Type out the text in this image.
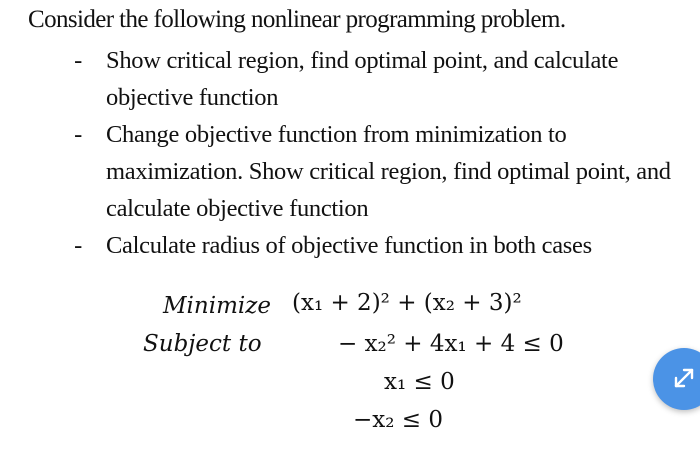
Consider the following nonlinear programming problem.
- Show critical region, find optimal point, and calculate objective function
- Change objective function from minimization to maximization. Show critical region, find optimal point, and calculate objective function
- Calculate radius of objective function in both cases
Minimize (x₁ + 2)² + (x₂ + 3)²
Subject to	− x₂² + 4x₁ + 4 ≤ 0
x₁ ≤ 0
−x₂ ≤ 0
